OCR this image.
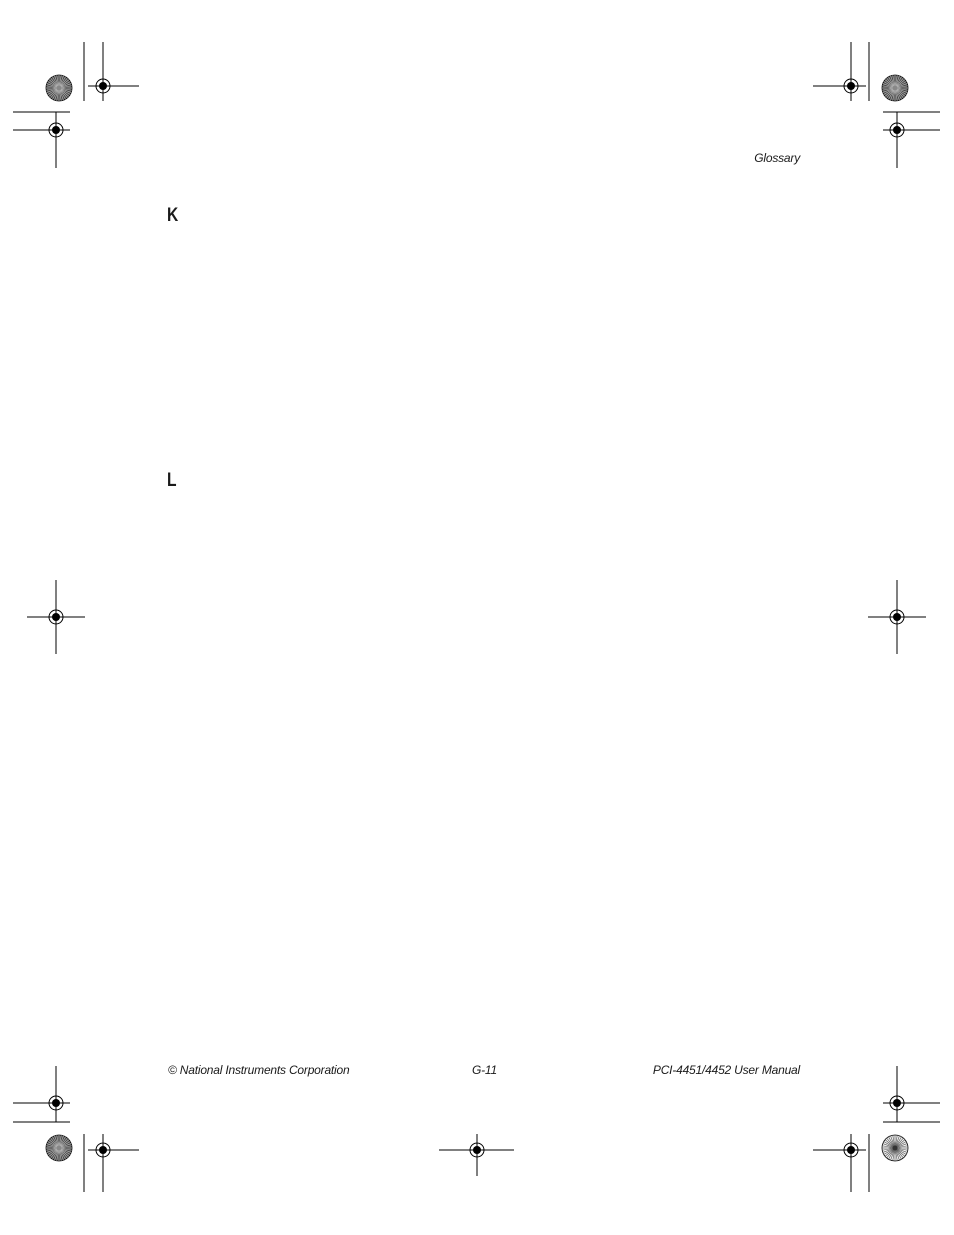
Glossary
K
L
© National Instruments Corporation	G-11	PCI-4451/4452 User Manual
